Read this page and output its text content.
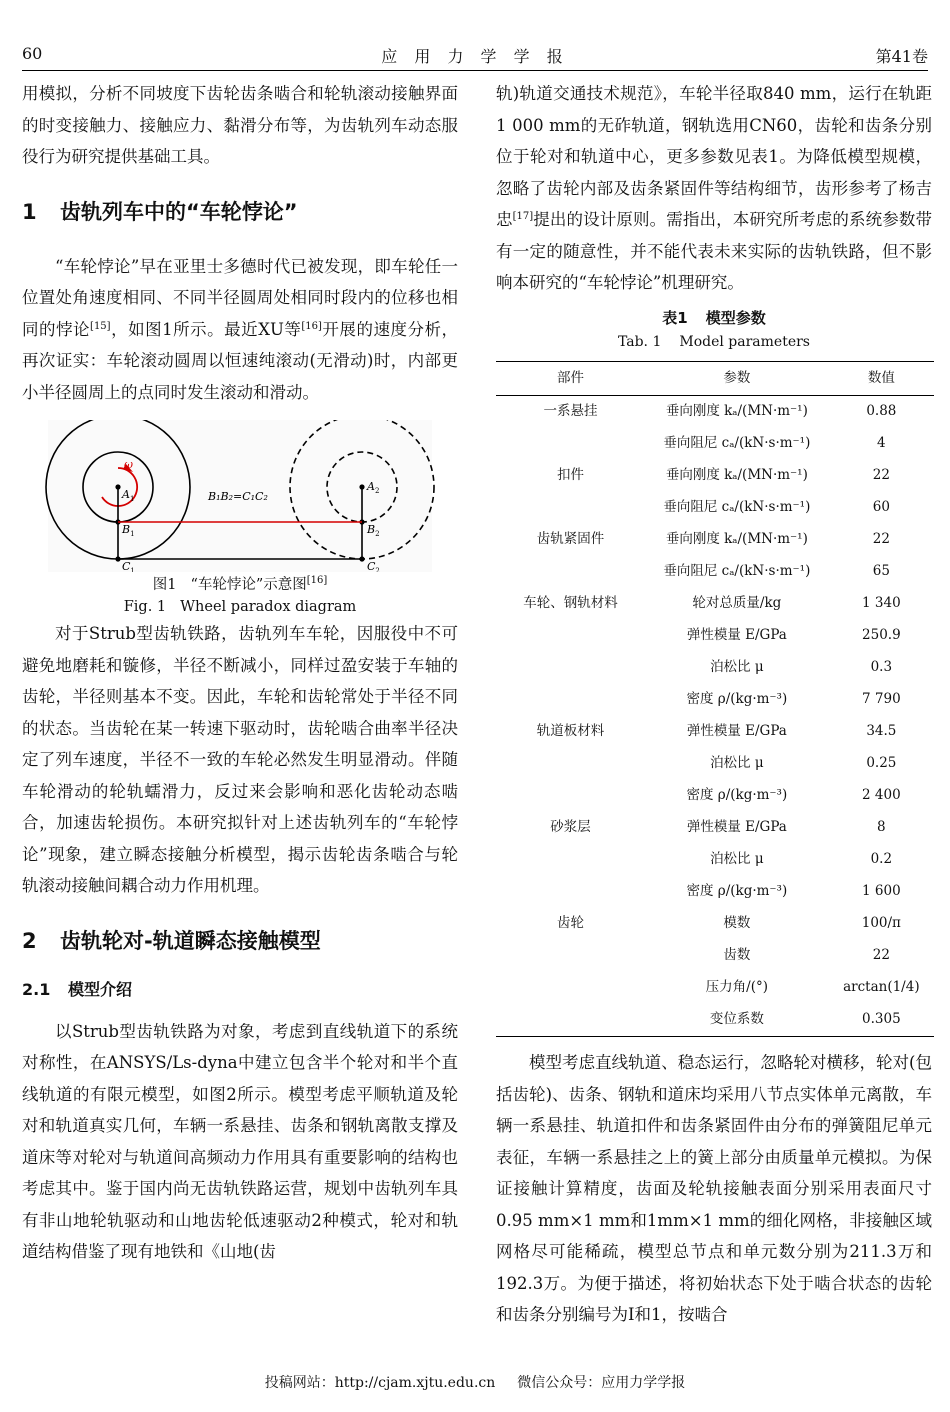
60	应 用 力 学 学 报	第41卷

用模拟，分析不同坡度下齿轮齿条啮合和轮轨滚动接触界面的时变接触力、接触应力、黏滑分布等，为齿轨列车动态服役行为研究提供基础工具。

1 齿轨列车中的“车轮悖论”

“车轮悖论”早在亚里士多德时代已被发现，即车轮任一位置处角速度相同、不同半径圆周处相同时段内的位移也相同的悖论[15]，如图1所示。最近XU等[16]开展的速度分析，再次证实：车轮滚动圆周以恒速纯滚动(无滑动)时，内部更小半径圆周上的点同时发生滚动和滑动。

ω
$A_1$
$B_1$
$C_1$
$A_2$
$B_2$
$C_2$
B₁B₂=C₁C₂
图1 “车轮悖论”示意图[16]
Fig. 1 Wheel paradox diagram

对于Strub型齿轨铁路，齿轨列车车轮，因服役中不可避免地磨耗和镟修，半径不断减小，同样过盈安装于车轴的齿轮，半径则基本不变。因此，车轮和齿轮常处于半径不同的状态。当齿轮在某一转速下驱动时，齿轮啮合曲率半径决定了列车速度，半径不一致的车轮必然发生明显滑动。伴随车轮滑动的轮轨蠕滑力，反过来会影响和恶化齿轮动态啮合，加速齿轮损伤。本研究拟针对上述齿轨列车的“车轮悖论”现象，建立瞬态接触分析模型，揭示齿轮齿条啮合与轮轨滚动接触间耦合动力作用机理。

2 齿轨轮对-轨道瞬态接触模型
2.1 模型介绍

以Strub型齿轨铁路为对象，考虑到直线轨道下的系统对称性，在ANSYS/Ls-dyna中建立包含半个轮对和半个直线轨道的有限元模型，如图2所示。模型考虑平顺轨道及轮对和轨道真实几何，车辆一系悬挂、齿条和钢轨离散支撑及道床等对轮对与轨道间高频动力作用具有重要影响的结构也考虑其中。鉴于国内尚无齿轨铁路运营，规划中齿轨列车具有非山地轮轨驱动和山地齿轮低速驱动2种模式，轮对和轨道结构借鉴了现有地铁和《山地(齿

轨)轨道交通技术规范》，车轮半径取840 mm，运行在轨距1 000 mm的无砟轨道，钢轨选用CN60，齿轮和齿条分别位于轮对和轨道中心，更多参数见表1。为降低模型规模，忽略了齿轮内部及齿条紧固件等结构细节，齿形参考了杨吉忠[17]提出的设计原则。需指出，本研究所考虑的系统参数带有一定的随意性，并不能代表未来实际的齿轨铁路，但不影响本研究的“车轮悖论”机理研究。

表1 模型参数
Tab. 1 Model parameters
部件	参数	数值
一系悬挂	垂向刚度 kₐ/(MN·m⁻¹)	0.88
	垂向阻尼 cₐ/(kN·s·m⁻¹)	4
扣件	垂向刚度 kₐ/(MN·m⁻¹)	22
	垂向阻尼 cₐ/(kN·s·m⁻¹)	60
齿轨紧固件	垂向刚度 kₐ/(MN·m⁻¹)	22
	垂向阻尼 cₐ/(kN·s·m⁻¹)	65
车轮、钢轨材料	轮对总质量/kg	1 340
	弹性模量 E/GPa	250.9
	泊松比 μ	0.3
	密度 ρ/(kg·m⁻³)	7 790
轨道板材料	弹性模量 E/GPa	34.5
	泊松比 μ	0.25
	密度 ρ/(kg·m⁻³)	2 400
砂浆层	弹性模量 E/GPa	8
	泊松比 μ	0.2
	密度 ρ/(kg·m⁻³)	1 600
齿轮	模数	100/π
	齿数	22
	压力角/(°)	arctan(1/4)
	变位系数	0.305

模型考虑直线轨道、稳态运行，忽略轮对横移，轮对(包括齿轮)、齿条、钢轨和道床均采用八节点实体单元离散，车辆一系悬挂、轨道扣件和齿条紧固件由分布的弹簧阻尼单元表征，车辆一系悬挂之上的簧上部分由质量单元模拟。为保证接触计算精度，齿面及轮轨接触表面分别采用表面尺寸0.95 mm×1 mm和1mm×1 mm的细化网格，非接触区域网格尽可能稀疏，模型总节点和单元数分别为211.3万和192.3万。为便于描述，将初始状态下处于啮合状态的齿轮和齿条分别编号为Ⅰ和1，按啮合

投稿网站：http://cjam.xjtu.edu.cn 微信公众号：应用力学学报
